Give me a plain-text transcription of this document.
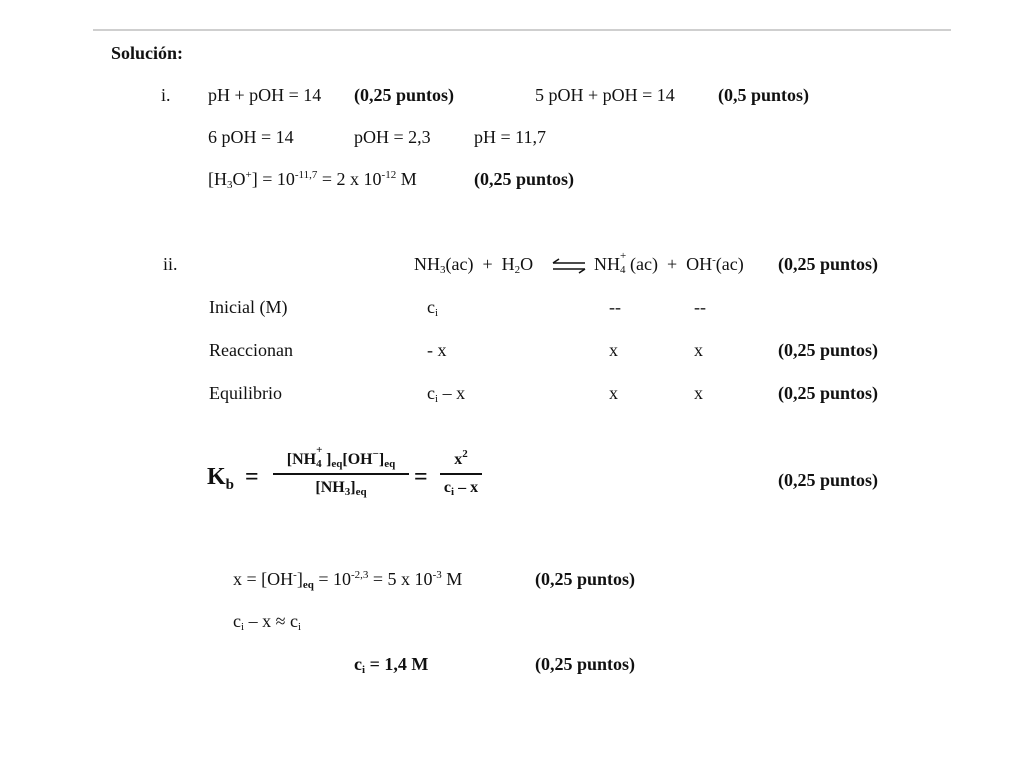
Solución:
i. pH + pOH = 14 (0,25 puntos)	5 pOH + pOH = 14 (0,5 puntos)
6 pOH = 14	pOH = 2,3 pH = 11,7
$[H_3O^+] = 10^{-11,7} = 2$ x $10^{-12}$ M	(0,25 puntos)
ii.	$NH_3(ac) + H_2O$ ⇌ NH +
4 (ac)  +  OH-(ac) (0,25 puntos)
Inicial (M)	$c_i$	--	--
Reaccionan	- x	x	x	(0,25 puntos)
Equilibrio	$c_i$ – x	x	x	(0,25 puntos)
$K_b$ =
[NH
+
4 ]$_{eq}[OH^-]_{eq}$
$[NH_3]_{eq}$
=
$x^2$
$c_i$ – x	(0,25 puntos)
$x = [OH^-]_{eq} = 10^{-2,3} = 5$ x $10^{-3}$ M	(0,25 puntos)
$c_i - x \approx c_i$
$c_i = 1,4$ M	(0,25 puntos)
